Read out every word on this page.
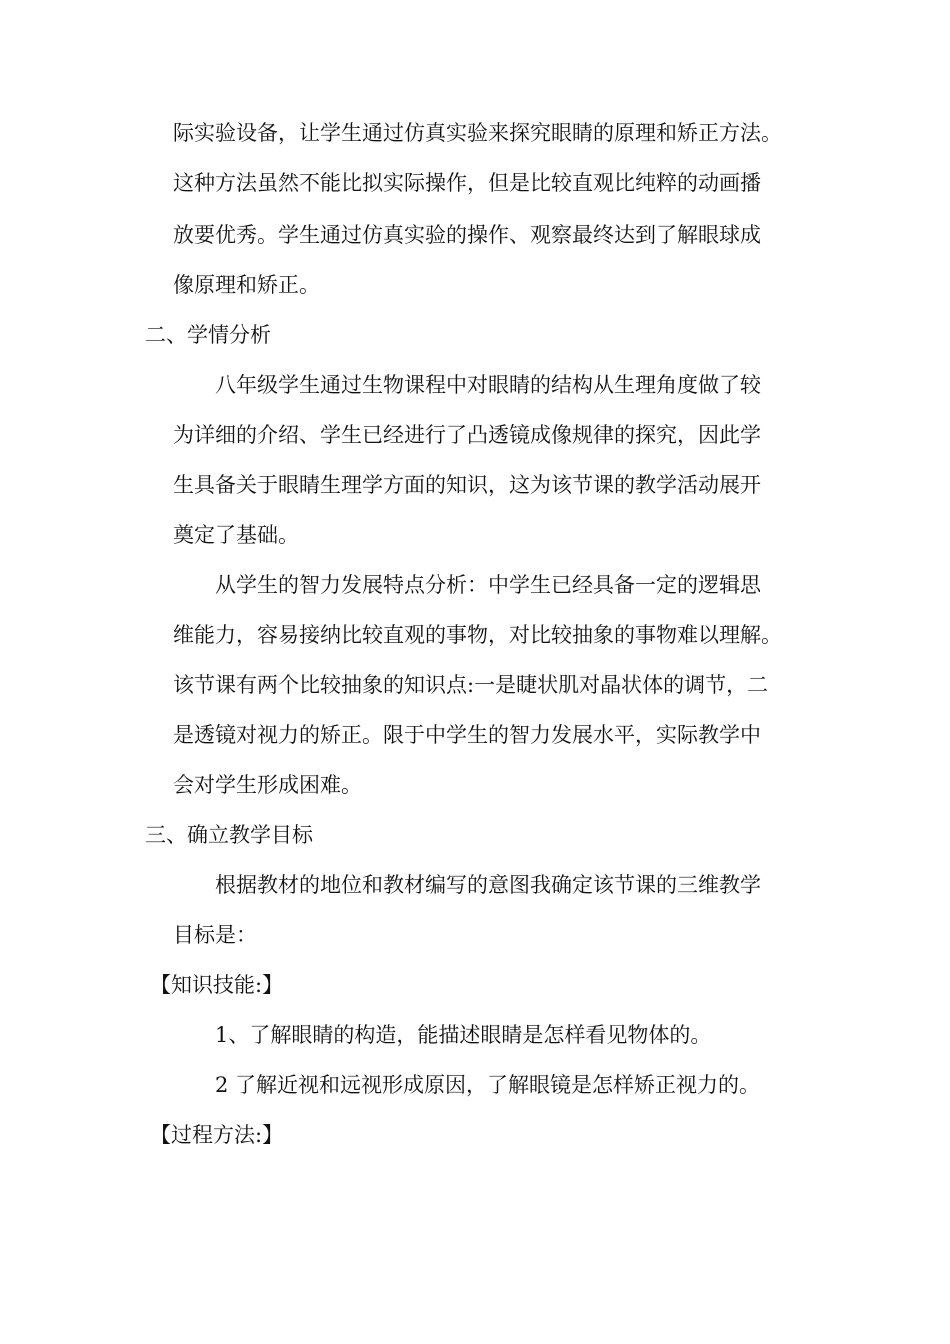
际实验设备，让学生通过仿真实验来探究眼睛的原理和矫正方法。
这种方法虽然不能比拟实际操作，但是比较直观比纯粹的动画播
放要优秀。学生通过仿真实验的操作、观察最终达到了解眼球成
像原理和矫正。
二、学情分析
八年级学生通过生物课程中对眼睛的结构从生理角度做了较
为详细的介绍、学生已经进行了凸透镜成像规律的探究，因此学
生具备关于眼睛生理学方面的知识，这为该节课的教学活动展开
奠定了基础。
从学生的智力发展特点分析：中学生已经具备一定的逻辑思
维能力，容易接纳比较直观的事物，对比较抽象的事物难以理解。
该节课有两个比较抽象的知识点:一是睫状肌对晶状体的调节，二
是透镜对视力的矫正。限于中学生的智力发展水平，实际教学中
会对学生形成困难。
三、确立教学目标
根据教材的地位和教材编写的意图我确定该节课的三维教学
目标是：
【知识技能:】
1、了解眼睛的构造，能描述眼睛是怎样看见物体的。
2 了解近视和远视形成原因，了解眼镜是怎样矫正视力的。
【过程方法:】
